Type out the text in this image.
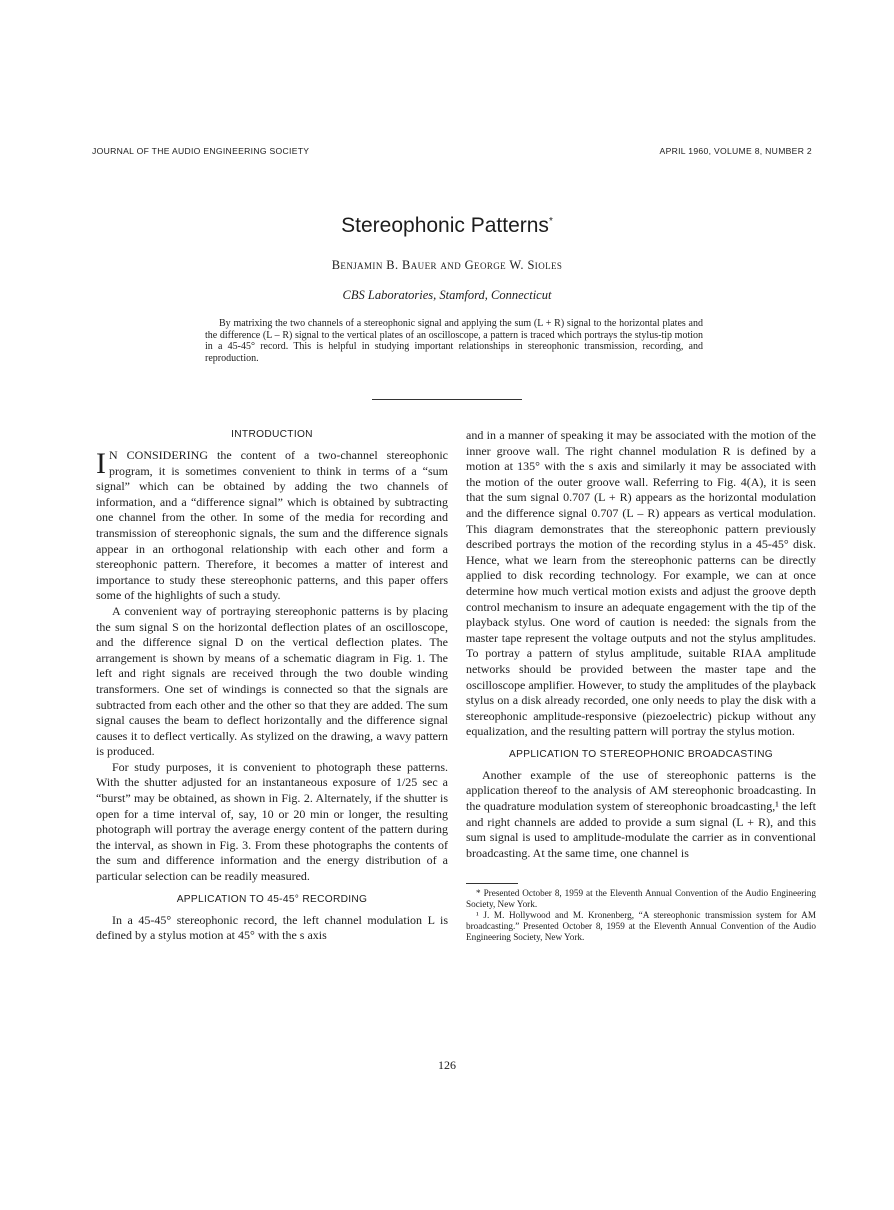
JOURNAL OF THE AUDIO ENGINEERING SOCIETY	APRIL 1960, VOLUME 8, NUMBER 2
Stereophonic Patterns*
Benjamin B. Bauer and George W. Sioles
CBS Laboratories, Stamford, Connecticut
By matrixing the two channels of a stereophonic signal and applying the sum (L + R) signal to the horizontal plates and the difference (L – R) signal to the vertical plates of an oscilloscope, a pattern is traced which portrays the stylus-tip motion in a 45-45° record. This is helpful in studying important relationships in stereophonic transmission, recording, and reproduction.
INTRODUCTION

I N CONSIDERING the content of a two-channel stereophonic program, it is sometimes convenient to think in terms of a “sum signal” which can be obtained by adding the two channels of information, and a “difference signal” which is obtained by subtracting one channel from the other. In some of the media for recording and transmission of stereophonic signals, the sum and the difference signals appear in an orthogonal relationship with each other and form a stereophonic pattern. Therefore, it becomes a matter of interest and importance to study these stereophonic patterns, and this paper offers some of the highlights of such a study.

A convenient way of portraying stereophonic patterns is by placing the sum signal S on the horizontal deflection plates of an oscilloscope, and the difference signal D on the vertical deflection plates. The arrangement is shown by means of a schematic diagram in Fig. 1. The left and right signals are received through the two double winding transformers. One set of windings is connected so that the signals are subtracted from each other and the other so that they are added. The sum signal causes the beam to deflect horizontally and the difference signal causes it to deflect vertically. As stylized on the drawing, a wavy pattern is produced.

For study purposes, it is convenient to photograph these patterns. With the shutter adjusted for an instantaneous exposure of 1/25 sec a “burst” may be obtained, as shown in Fig. 2. Alternately, if the shutter is open for a time interval of, say, 10 or 20 min or longer, the resulting photograph will portray the average energy content of the pattern during the interval, as shown in Fig. 3. From these photographs the contents of the sum and difference information and the energy distribution of a particular selection can be readily measured.

APPLICATION TO 45-45° RECORDING

In a 45-45° stereophonic record, the left channel modulation L is defined by a stylus motion at 45° with the s axis

and in a manner of speaking it may be associated with the motion of the inner groove wall. The right channel modulation R is defined by a motion at 135° with the s axis and similarly it may be associated with the motion of the outer groove wall. Referring to Fig. 4(A), it is seen that the sum signal 0.707 (L + R) appears as the horizontal modulation and the difference signal 0.707 (L – R) appears as vertical modulation. This diagram demonstrates that the stereophonic pattern previously described portrays the motion of the recording stylus in a 45-45° disk. Hence, what we learn from the stereophonic patterns can be directly applied to disk recording technology. For example, we can at once determine how much vertical motion exists and adjust the groove depth control mechanism to insure an adequate engagement with the tip of the playback stylus. One word of caution is needed: the signals from the master tape represent the voltage outputs and not the stylus amplitudes. To portray a pattern of stylus amplitude, suitable RIAA amplitude networks should be provided between the master tape and the oscilloscope amplifier. However, to study the amplitudes of the playback stylus on a disk already recorded, one only needs to play the disk with a stereophonic amplitude-responsive (piezoelectric) pickup without any equalization, and the resulting pattern will portray the stylus motion.

APPLICATION TO STEREOPHONIC BROADCASTING

Another example of the use of stereophonic patterns is the application thereof to the analysis of AM stereophonic broadcasting. In the quadrature modulation system of stereophonic broadcasting,¹ the left and right channels are added to provide a sum signal (L + R), and this sum signal is used to amplitude-modulate the carrier as in conventional broadcasting. At the same time, one channel is

* Presented October 8, 1959 at the Eleventh Annual Convention of the Audio Engineering Society, New York.

¹ J. M. Hollywood and M. Kronenberg, “A stereophonic transmission system for AM broadcasting.” Presented October 8, 1959 at the Eleventh Annual Convention of the Audio Engineering Society, New York.

126
